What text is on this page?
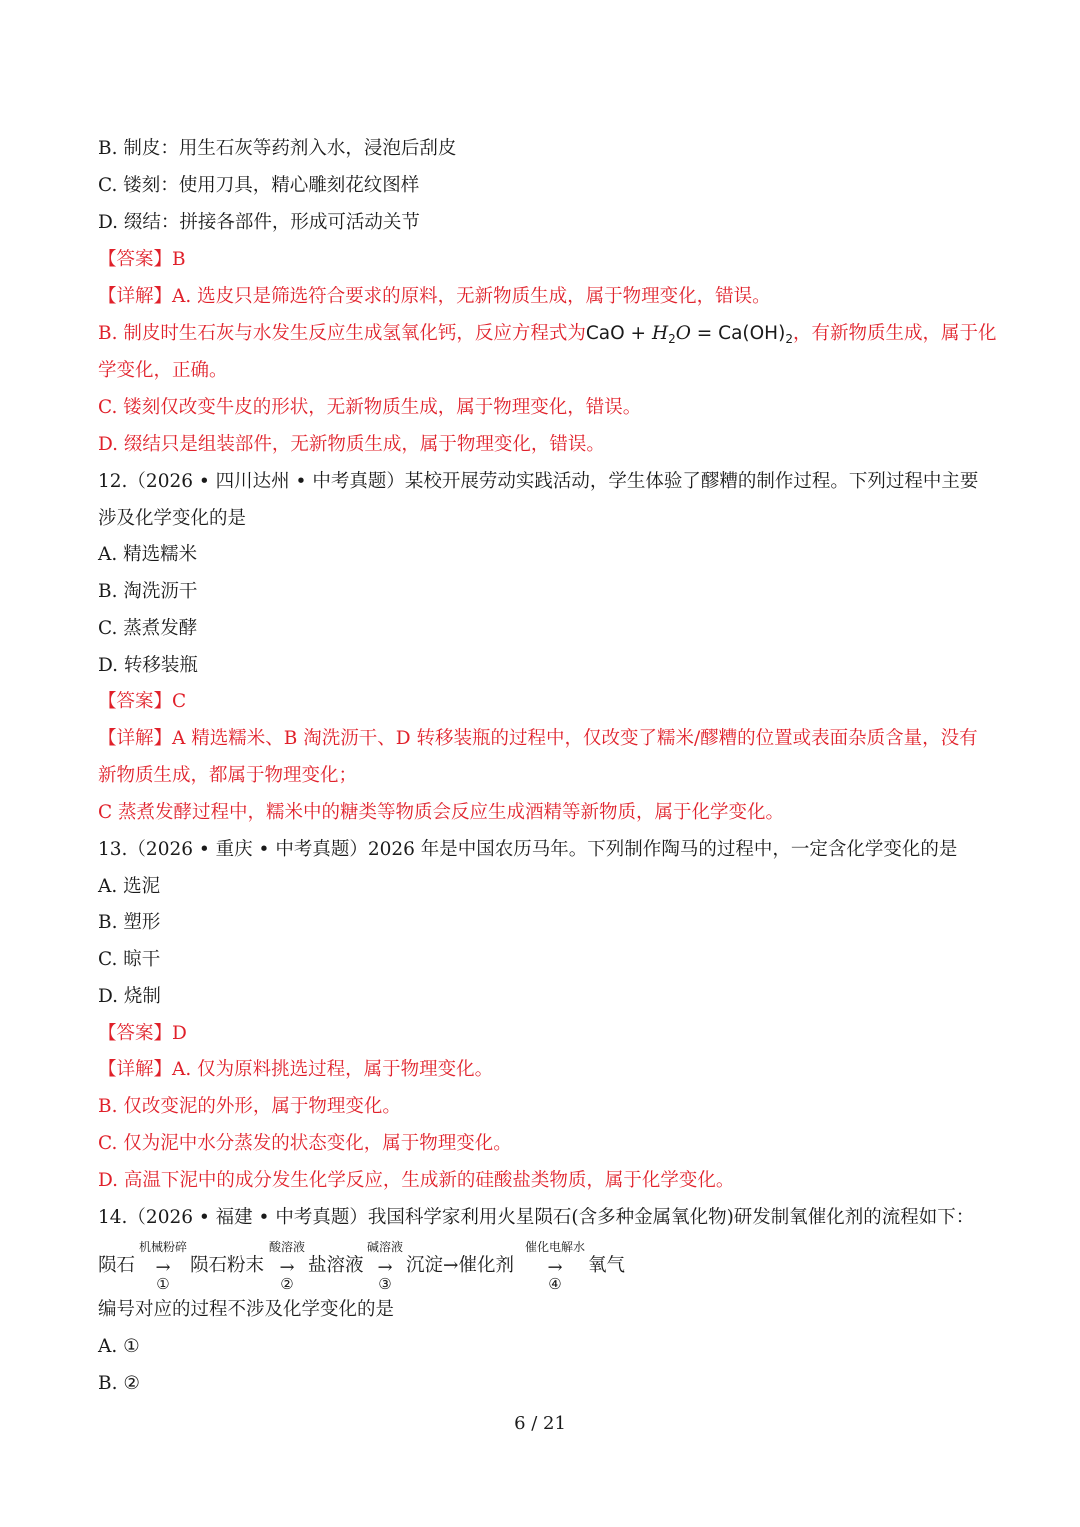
B. 制皮：用生石灰等药剂入水，浸泡后刮皮
C. 镂刻：使用刀具，精心雕刻花纹图样
D. 缀结：拼接各部件，形成可活动关节
【答案】B
【详解】A. 选皮只是筛选符合要求的原料，无新物质生成，属于物理变化，错误。
B. 制皮时生石灰与水发生反应生成氢氧化钙，反应方程式为CaO + $H_2O = Ca(OH)_2$，有新物质生成，属于化
学变化，正确。
C. 镂刻仅改变牛皮的形状，无新物质生成，属于物理变化，错误。
D. 缀结只是组装部件，无新物质生成，属于物理变化，错误。
12.（2026 • 四川达州 • 中考真题）某校开展劳动实践活动，学生体验了醪糟的制作过程。下列过程中主要
涉及化学变化的是
A. 精选糯米
B. 淘洗沥干
C. 蒸煮发酵
D. 转移装瓶
【答案】C
【详解】A 精选糯米、B 淘洗沥干、D 转移装瓶的过程中，仅改变了糯米/醪糟的位置或表面杂质含量，没有
新物质生成，都属于物理变化；
C 蒸煮发酵过程中，糯米中的糖类等物质会反应生成酒精等新物质，属于化学变化。
13.（2026 • 重庆 • 中考真题）2026 年是中国农历马年。下列制作陶马的过程中，一定含化学变化的是
A. 选泥
B. 塑形
C. 晾干
D. 烧制
【答案】D
【详解】A. 仅为原料挑选过程，属于物理变化。
B. 仅改变泥的外形，属于物理变化。
C. 仅为泥中水分蒸发的状态变化，属于物理变化。
D. 高温下泥中的成分发生化学反应，生成新的硅酸盐类物质，属于化学变化。
14.（2026 • 福建 • 中考真题）我国科学家利用火星陨石(含多种金属氧化物)研发制氧催化剂的流程如下：
陨石
机械粉碎
→
①
陨石粉末
酸溶液
→
②
盐溶液
碱溶液
→
③
沉淀→催化剂
催化电解水
→
④
氧气
编号对应的过程不涉及化学变化的是
A. ①
B. ②
6 / 21
